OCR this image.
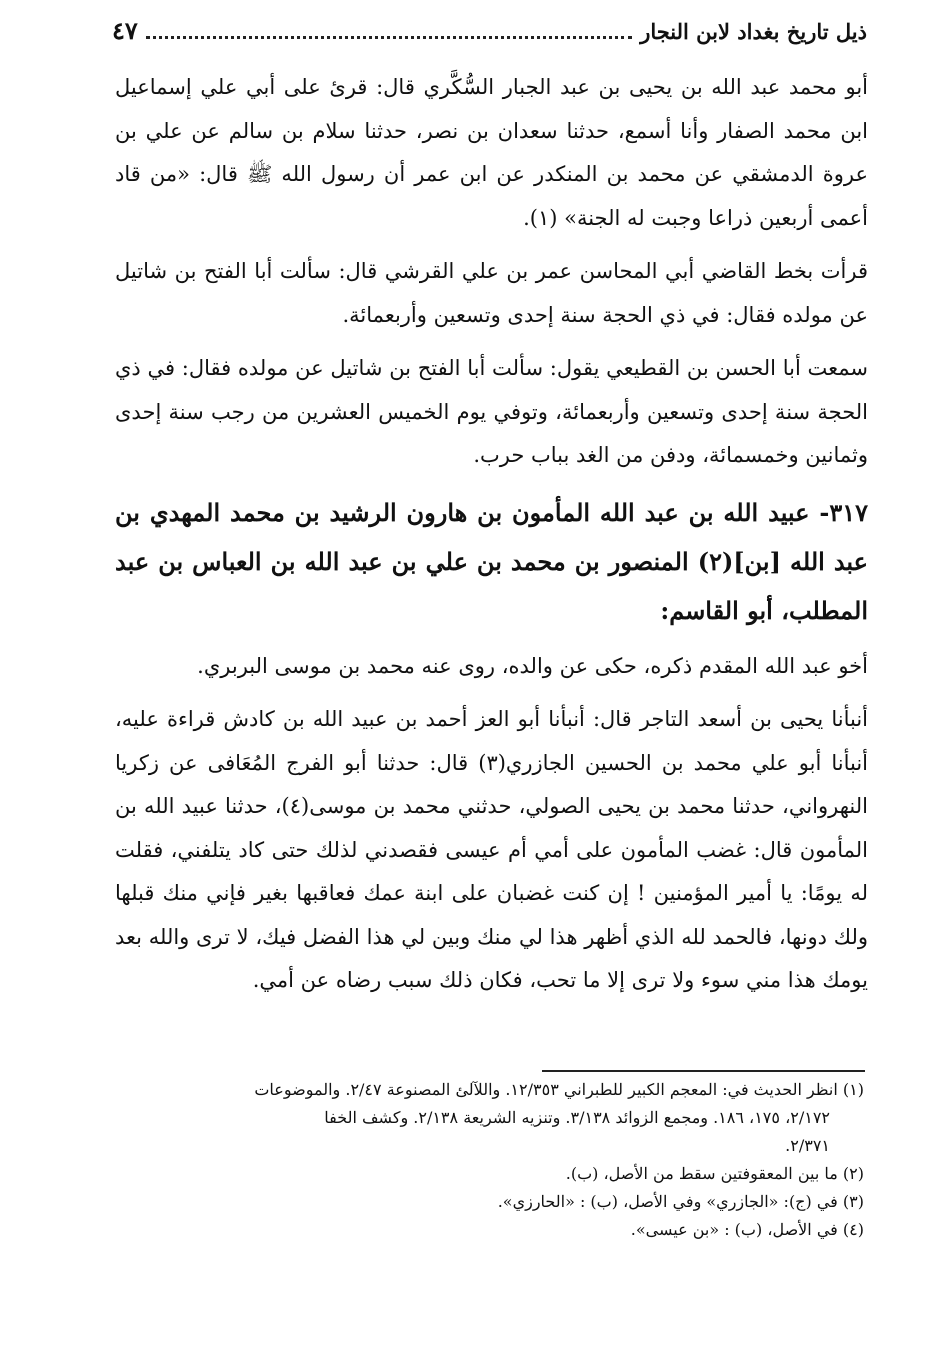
ذيل تاريخ بغداد لابن النجار
٤٧

أبو محمد عبد الله بن يحيى بن عبد الجبار السُّكَّري قال: قرئ على أبي علي إسماعيل ابن محمد الصفار وأنا أسمع، حدثنا سعدان بن نصر، حدثنا سلام بن سالم عن علي بن عروة الدمشقي عن محمد بن المنكدر عن ابن عمر أن رسول الله ﷺ قال: «من قاد أعمى أربعين ذراعا وجبت له الجنة» (١).

قرأت بخط القاضي أبي المحاسن عمر بن علي القرشي قال: سألت أبا الفتح بن شاتيل عن مولده فقال: في ذي الحجة سنة إحدى وتسعين وأربعمائة.

سمعت أبا الحسن بن القطيعي يقول: سألت أبا الفتح بن شاتيل عن مولده فقال: في ذي الحجة سنة إحدى وتسعين وأربعمائة، وتوفي يوم الخميس العشرين من رجب سنة إحدى وثمانين وخمسمائة، ودفن من الغد بباب حرب.

٣١٧- عبيد الله بن عبد الله المأمون بن هارون الرشيد بن محمد المهدي بن عبد الله [بن](٢) المنصور بن محمد بن علي بن عبد الله بن العباس بن عبد المطلب، أبو القاسم:

أخو عبد الله المقدم ذكره، حكى عن والده، روى عنه محمد بن موسى البربري.

أنبأنا يحيى بن أسعد التاجر قال: أنبأنا أبو العز أحمد بن عبيد الله بن كادش قراءة عليه، أنبأنا أبو علي محمد بن الحسين الجازري(٣) قال: حدثنا أبو الفرج المُعَافى عن زكريا النهرواني، حدثنا محمد بن يحيى الصولي، حدثني محمد بن موسى(٤)، حدثنا عبيد الله بن المأمون قال: غضب المأمون على أمي أم عيسى فقصدني لذلك حتى كاد يتلفني، فقلت له يومًا: يا أمير المؤمنين ! إن كنت غضبان على ابنة عمك فعاقبها بغير فإني منك قبلها ولك دونها، فالحمد لله الذي أظهر هذا لي منك وبين لي هذا الفضل فيك، لا ترى والله بعد يومك هذا مني سوء ولا ترى إلا ما تحب، فكان ذلك سبب رضاه عن أمي.

(١) انظر الحديث في: المعجم الكبير للطبراني ١٢/٣٥٣. واللآلئ المصنوعة ٢/٤٧. والموضوعات

٢/١٧٢، ١٧٥، ١٨٦. ومجمع الزوائد ٣/١٣٨. وتنزيه الشريعة ٢/١٣٨. وكشف الخفا

٢/٣٧١.

(٢) ما بين المعقوفتين سقط من الأصل، (ب).

(٣) في (ج): «الجازري» وفي الأصل، (ب) : «الحارزي».

(٤) في الأصل، (ب) : «بن عيسى».
